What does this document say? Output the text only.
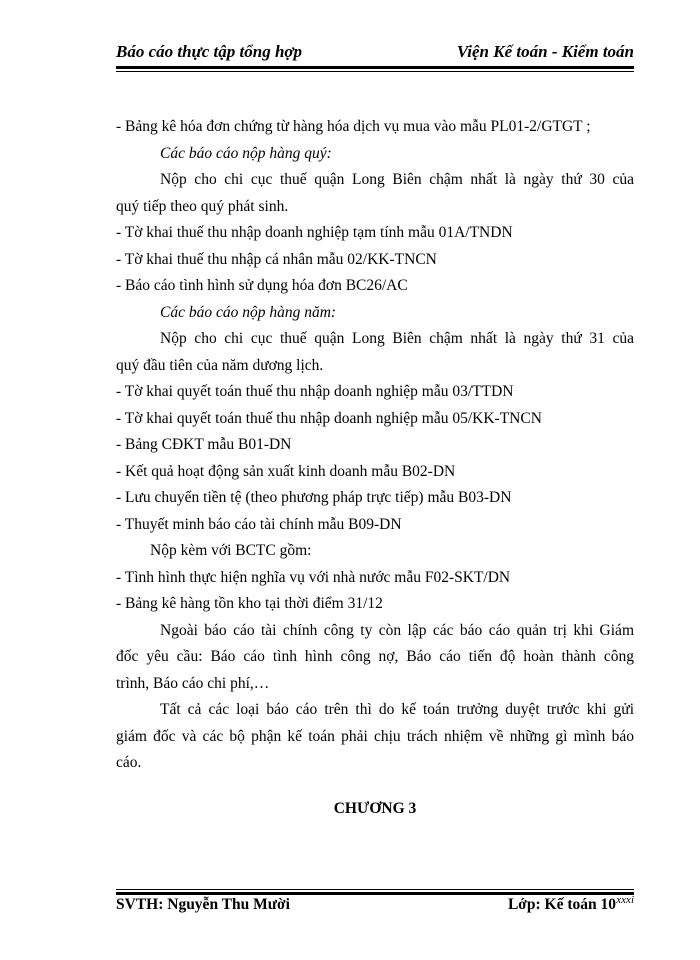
Báo cáo thực tập tổng hợp	Viện Kế toán - Kiểm toán
- Bảng kê hóa đơn chứng từ hàng hóa dịch vụ mua vào mẫu PL01-2/GTGT ;
Các báo cáo nộp hàng quý:
Nộp cho chi cục thuế quận Long Biên chậm nhất là ngày thứ 30 của
quý tiếp theo quý phát sinh.
- Tờ khai thuế thu nhập doanh nghiệp tạm tính mẫu 01A/TNDN
- Tờ khai thuế thu nhập cá nhân mẫu 02/KK-TNCN
- Báo cáo tình hình sử dụng hóa đơn BC26/AC
Các báo cáo nộp hàng năm:
Nộp cho chi cục thuế quận Long Biên chậm nhất là ngày thứ 31 của
quý đầu tiên của năm dương lịch.
- Tờ khai quyết toán thuế thu nhập doanh nghiệp mẫu 03/TTDN
- Tờ khai quyết toán thuế thu nhập doanh nghiệp mẫu 05/KK-TNCN
- Bảng CĐKT mẫu B01-DN
- Kết quả hoạt động sản xuất kinh doanh mẫu B02-DN
- Lưu chuyển tiền tệ (theo phương pháp trực tiếp) mẫu B03-DN
- Thuyết minh báo cáo tài chính mẫu B09-DN
Nộp kèm với BCTC gồm:
- Tình hình thực hiện nghĩa vụ với nhà nước mẫu F02-SKT/DN
- Bảng kê hàng tồn kho tại thời điểm 31/12
Ngoài báo cáo tài chính công ty còn lập các báo cáo quản trị khi Giám
đốc yêu cầu: Báo cáo tình hình công nợ, Báo cáo tiến độ hoàn thành công
trình, Báo cáo chi phí,…
Tất cả các loại báo cáo trên thì do kế toán trưởng duyệt trước khi gửi
giám đốc và các bộ phận kế toán phải chịu trách nhiệm về những gì mình báo
cáo.
CHƯƠNG 3
SVTH: Nguyễn Thu Mười	Lớp: Kế toán 10 xxxi
